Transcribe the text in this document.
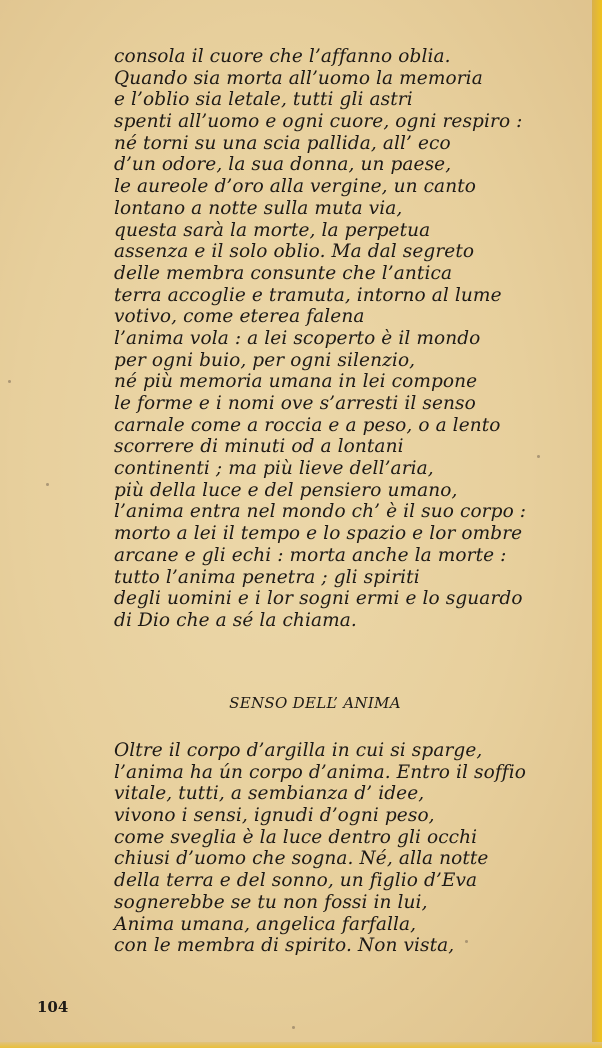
consola il cuore che l’affanno oblia.
Quando sia morta all’uomo la memoria
e l’oblio sia letale, tutti gli astri
spenti all’uomo e ogni cuore, ogni respiro :
né torni su una scia pallida, all’ eco
d’un odore, la sua donna, un paese,
le aureole d’oro alla vergine, un canto
lontano a notte sulla muta via,
questa sarà la morte, la perpetua
assenza e il solo oblio. Ma dal segreto
delle membra consunte che l’antica
terra accoglie e tramuta, intorno al lume
votivo, come eterea falena
l’anima vola : a lei scoperto è il mondo
per ogni buio, per ogni silenzio,
né più memoria umana in lei compone
le forme e i nomi ove s’arresti il senso
carnale come a roccia e a peso, o a lento
scorrere di minuti od a lontani
continenti ; ma più lieve dell’aria,
più della luce e del pensiero umano,
l’anima entra nel mondo ch’ è il suo corpo :
morto a lei il tempo e lo spazio e lor ombre
arcane e gli echi : morta anche la morte :
tutto l’anima penetra ; gli spiriti
degli uomini e i lor sogni ermi e lo sguardo
di Dio che a sé la chiama.
SENSO DELL’ ANIMA
Oltre il corpo d’argilla in cui si sparge,
l’anima ha ún corpo d’anima. Entro il soffio
vitale, tutti, a sembianza d’ idee,
vivono i sensi, ignudi d’ogni peso,
come sveglia è la luce dentro gli occhi
chiusi d’uomo che sogna. Né, alla notte
della terra e del sonno, un figlio d’Eva
sognerebbe se tu non fossi in lui,
Anima umana, angelica farfalla,
con le membra di spirito. Non vista,
104
